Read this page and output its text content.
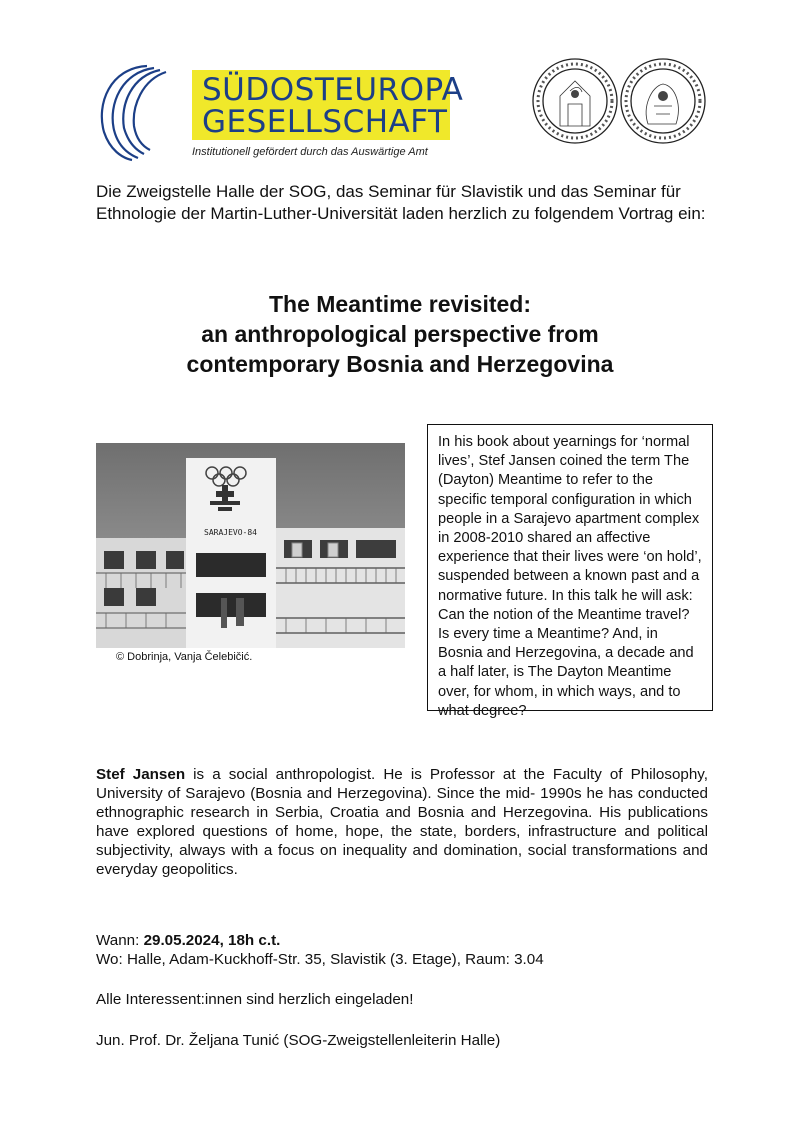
SÜDOSTEUROPA
GESELLSCHAFT
Institutionell gefördert durch das Auswärtige Amt
Die Zweigstelle Halle der SOG, das Seminar für Slavistik und das Seminar für Ethnologie der Martin-Luther-Universität laden herzlich zu folgendem Vortrag ein:
The Meantime revisited:
an anthropological perspective from
contemporary Bosnia and Herzegovina
SARAJEVO-84
© Dobrinja, Vanja Čelebičić.
In his book about yearnings for ‘normal lives’, Stef Jansen coined the term The (Dayton) Meantime to refer to the specific temporal configuration in which people in a Sarajevo apartment complex in 2008-2010 shared an affective experience that their lives were ‘on hold’, suspended between a known past and a normative future. In this talk he will ask: Can the notion of the Meantime travel? Is every time a Meantime? And, in Bosnia and Herzegovina, a decade and a half later, is The Dayton Meantime over, for whom, in which ways, and to what degree?
Stef Jansen is a social anthropologist. He is Professor at the Faculty of Philosophy, University of Sarajevo (Bosnia and Herzegovina). Since the mid- 1990s he has conducted ethnographic research in Serbia, Croatia and Bosnia and Herzegovina. His publications have explored questions of home, hope, the state, borders, infrastructure and political subjectivity, always with a focus on inequality and domination, social transformations and everyday geopolitics.
Wann: 29.05.2024, 18h c.t.
Wo: Halle, Adam-Kuckhoff-Str. 35, Slavistik (3. Etage), Raum: 3.04
Alle Interessent:innen sind herzlich eingeladen!
Jun. Prof. Dr. Željana Tunić (SOG-Zweigstellenleiterin Halle)
